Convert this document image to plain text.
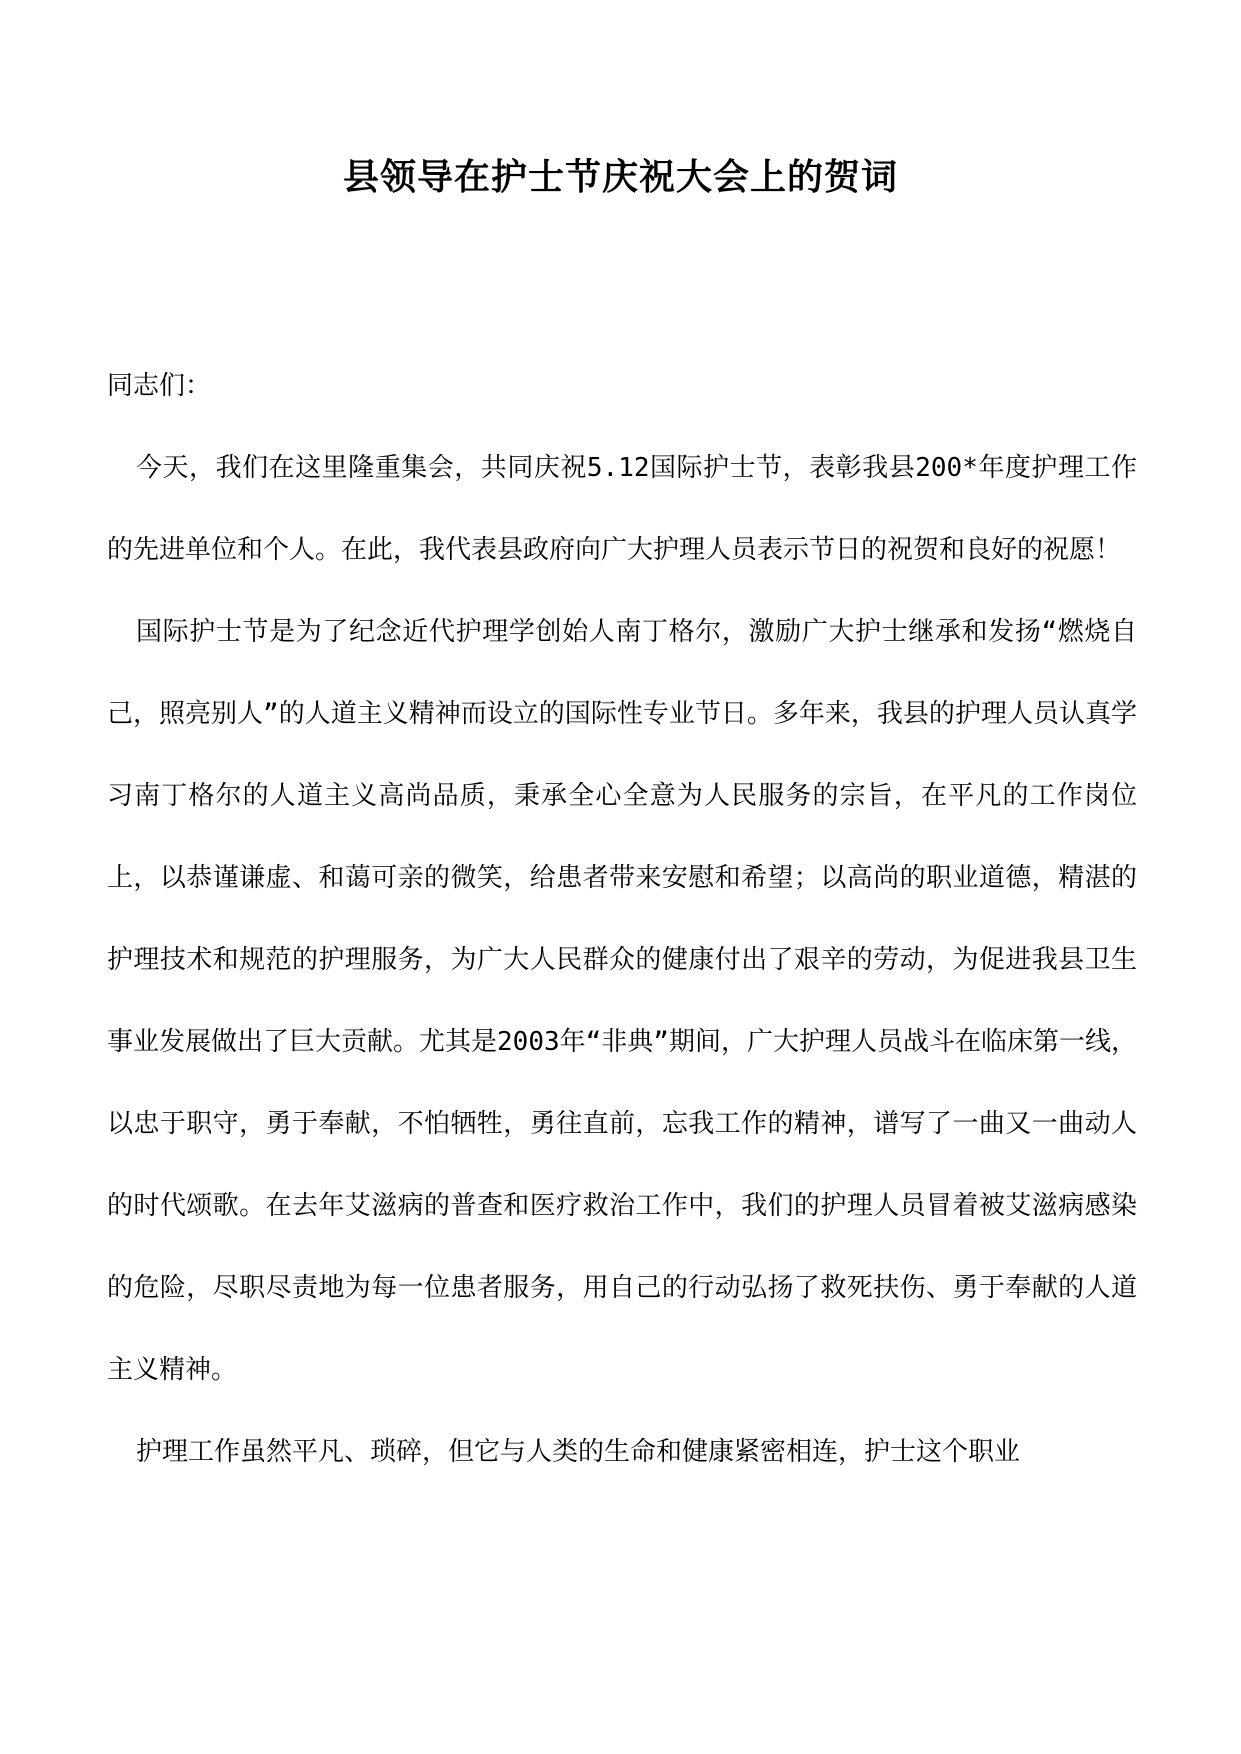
县领导在护士节庆祝大会上的贺词

同志们：

今天，我们在这里隆重集会，共同庆祝5.12国际护士节，表彰我县200*年度护理工作的先进单位和个人。在此，我代表县政府向广大护理人员表示节日的祝贺和良好的祝愿！

国际护士节是为了纪念近代护理学创始人南丁格尔，激励广大护士继承和发扬“燃烧自己，照亮别人”的人道主义精神而设立的国际性专业节日。多年来，我县的护理人员认真学习南丁格尔的人道主义高尚品质，秉承全心全意为人民服务的宗旨，在平凡的工作岗位上，以恭谨谦虚、和蔼可亲的微笑，给患者带来安慰和希望；以高尚的职业道德，精湛的护理技术和规范的护理服务，为广大人民群众的健康付出了艰辛的劳动，为促进我县卫生事业发展做出了巨大贡献。尤其是2003年“非典”期间，广大护理人员战斗在临床第一线，以忠于职守，勇于奉献，不怕牺牲，勇往直前，忘我工作的精神，谱写了一曲又一曲动人的时代颂歌。在去年艾滋病的普查和医疗救治工作中，我们的护理人员冒着被艾滋病感染的危险，尽职尽责地为每一位患者服务，用自己的行动弘扬了救死扶伤、勇于奉献的人道主义精神。

护理工作虽然平凡、琐碎，但它与人类的生命和健康紧密相连，护士这个职业
